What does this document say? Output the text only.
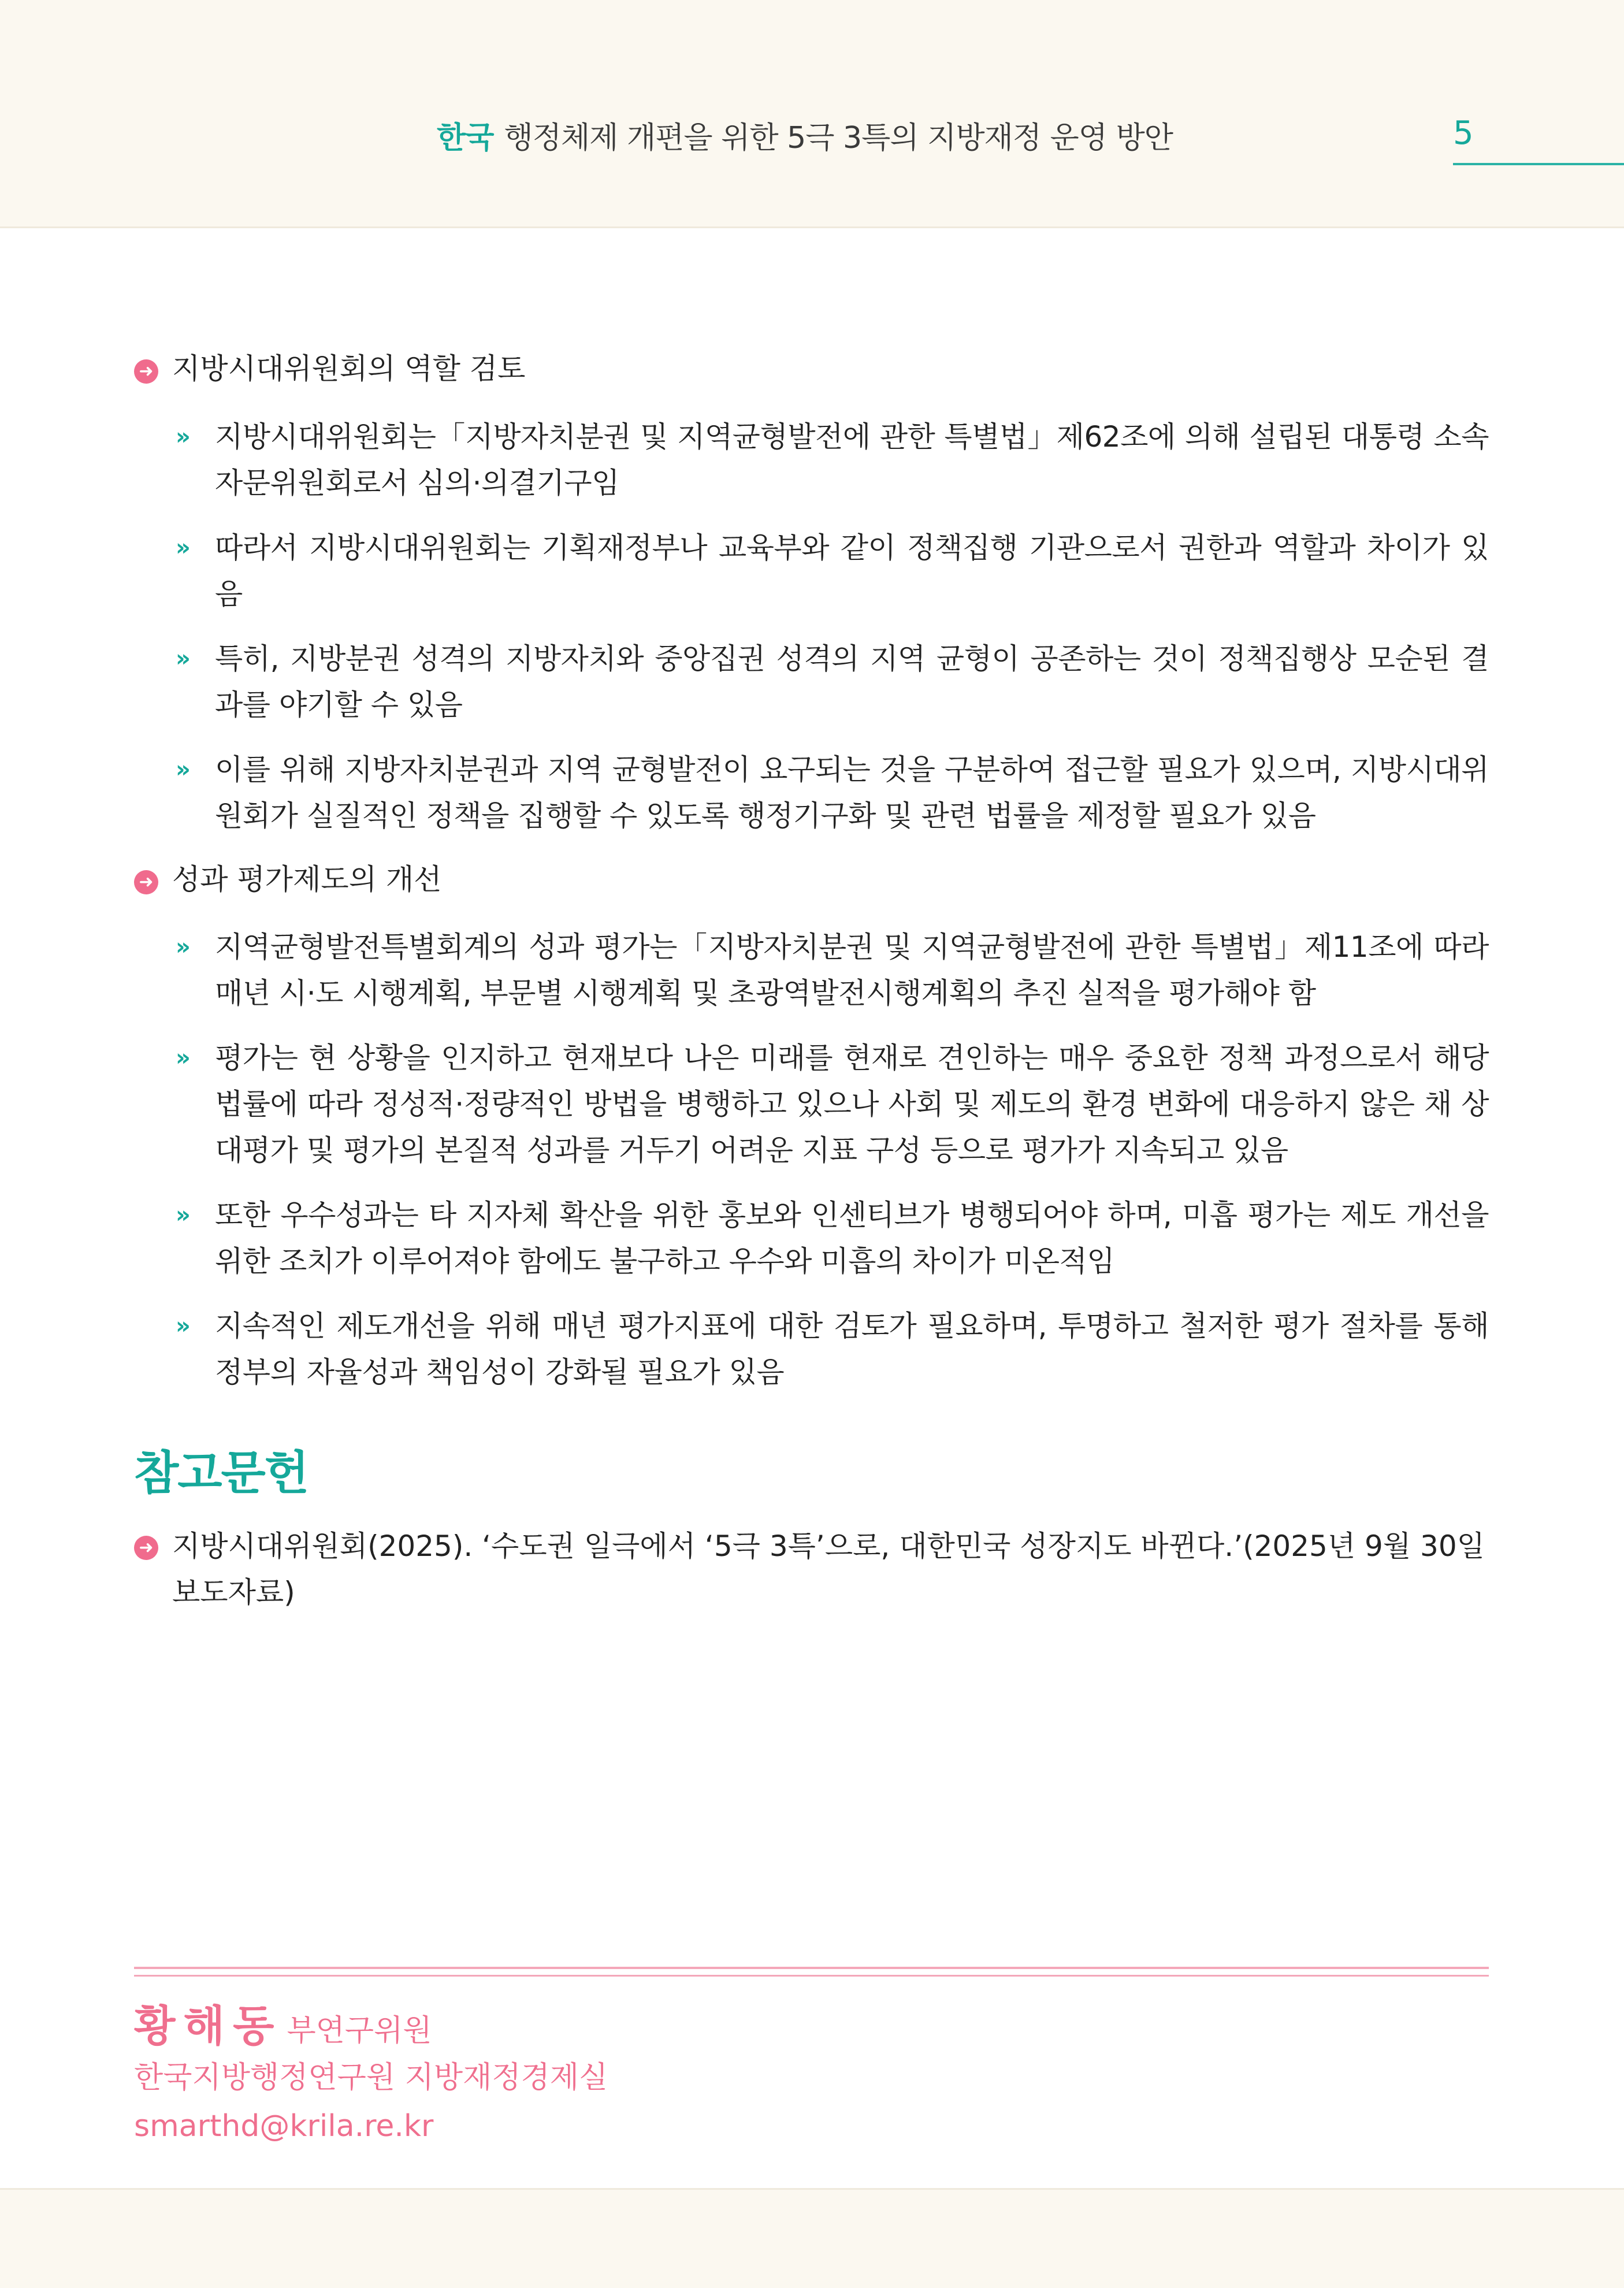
한국 행정체제 개편을 위한 5극 3특의 지방재정 운영 방안	5
➜ 지방시대위원회의 역할 검토
» 지방시대위원회는「지방자치분권 및 지역균형발전에 관한 특별법」제62조에 의해 설립된 대통령 소속 자문위원회로서 심의·의결기구임
» 따라서 지방시대위원회는 기획재정부나 교육부와 같이 정책집행 기관으로서 권한과 역할과 차이가 있음
» 특히, 지방분권 성격의 지방자치와 중앙집권 성격의 지역 균형이 공존하는 것이 정책집행상 모순된 결과를 야기할 수 있음
» 이를 위해 지방자치분권과 지역 균형발전이 요구되는 것을 구분하여 접근할 필요가 있으며, 지방시대위원회가 실질적인 정책을 집행할 수 있도록 행정기구화 및 관련 법률을 제정할 필요가 있음
➜ 성과 평가제도의 개선
» 지역균형발전특별회계의 성과 평가는「지방자치분권 및 지역균형발전에 관한 특별법」제11조에 따라 매년 시·도 시행계획, 부문별 시행계획 및 초광역발전시행계획의 추진 실적을 평가해야 함
» 평가는 현 상황을 인지하고 현재보다 나은 미래를 현재로 견인하는 매우 중요한 정책 과정으로서 해당 법률에 따라 정성적·정량적인 방법을 병행하고 있으나 사회 및 제도의 환경 변화에 대응하지 않은 채 상대평가 및 평가의 본질적 성과를 거두기 어려운 지표 구성 등으로 평가가 지속되고 있음
» 또한 우수성과는 타 지자체 확산을 위한 홍보와 인센티브가 병행되어야 하며, 미흡 평가는 제도 개선을 위한 조치가 이루어져야 함에도 불구하고 우수와 미흡의 차이가 미온적임
» 지속적인 제도개선을 위해 매년 평가지표에 대한 검토가 필요하며, 투명하고 철저한 평가 절차를 통해 정부의 자율성과 책임성이 강화될 필요가 있음
참고문헌
➜ 지방시대위원회(2025). ‘수도권 일극에서 ‘5극 3특’으로, 대한민국 성장지도 바뀐다.’(2025년 9월 30일 보도자료)
황해동 부연구위원
한국지방행정연구원 지방재정경제실
smarthd@krila.re.kr
